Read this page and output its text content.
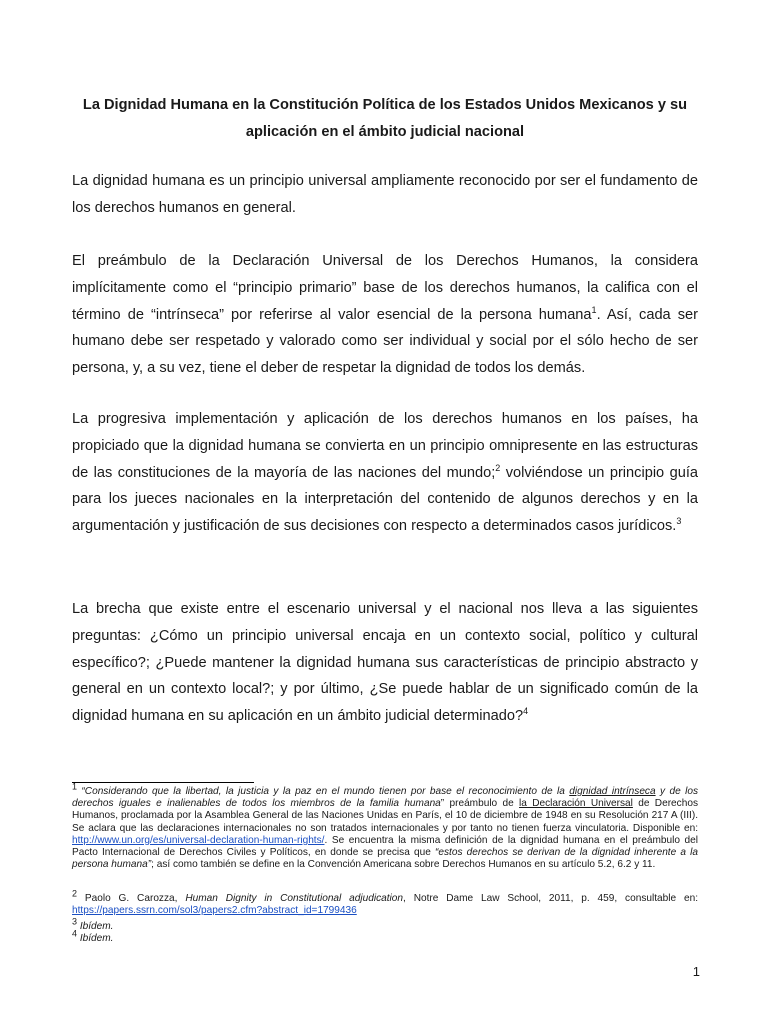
La Dignidad Humana en la Constitución Política de los Estados Unidos Mexicanos y su aplicación en el ámbito judicial nacional
La dignidad humana es un principio universal ampliamente reconocido por ser el fundamento de los derechos humanos en general.
El preámbulo de la Declaración Universal de los Derechos Humanos, la considera implícitamente como el “principio primario” base de los derechos humanos, la califica con el término de “intrínseca” por referirse al valor esencial de la persona humana$^1$. Así, cada ser humano debe ser respetado y valorado como ser individual y social por el sólo hecho de ser persona, y, a su vez, tiene el deber de respetar la dignidad de todos los demás.
La progresiva implementación y aplicación de los derechos humanos en los países, ha propiciado que la dignidad humana se convierta en un principio omnipresente en las estructuras de las constituciones de la mayoría de las naciones del mundo;$^2$ volviéndose un principio guía para los jueces nacionales en la interpretación del contenido de algunos derechos y en la argumentación y justificación de sus decisiones con respecto a determinados casos jurídicos.$^3$
La brecha que existe entre el escenario universal y el nacional nos lleva a las siguientes preguntas: ¿Cómo un principio universal encaja en un contexto social, político y cultural específico?; ¿Puede mantener la dignidad humana sus características de principio abstracto y general en un contexto local?; y por último, ¿Se puede hablar de un significado común de la dignidad humana en su aplicación en un ámbito judicial determinado?$^4$
$^1$ “Considerando que la libertad, la justicia y la paz en el mundo tienen por base el reconocimiento de la dignidad intrínseca y de los derechos iguales e inalienables de todos los miembros de la familia humana” preámbulo de la Declaración Universal de Derechos Humanos, proclamada por la Asamblea General de las Naciones Unidas en París, el 10 de diciembre de 1948 en su Resolución 217 A (III). Se aclara que las declaraciones internacionales no son tratados internacionales y por tanto no tienen fuerza vinculatoria. Disponible en: http://www.un.org/es/universal-declaration-human-rights/. Se encuentra la misma definición de la dignidad humana en el preámbulo del Pacto Internacional de Derechos Civiles y Políticos, en donde se precisa que “estos derechos se derivan de la dignidad inherente a la persona humana”; así como también se define en la Convención Americana sobre Derechos Humanos en su artículo 5.2, 6.2 y 11.
$^2$ Paolo G. Carozza, Human Dignity in Constitutional adjudication, Notre Dame Law School, 2011, p. 459, consultable en: https://papers.ssrn.com/sol3/papers2.cfm?abstract_id=1799436
$^3$ Ibídem.
$^4$ Ibídem.
1
